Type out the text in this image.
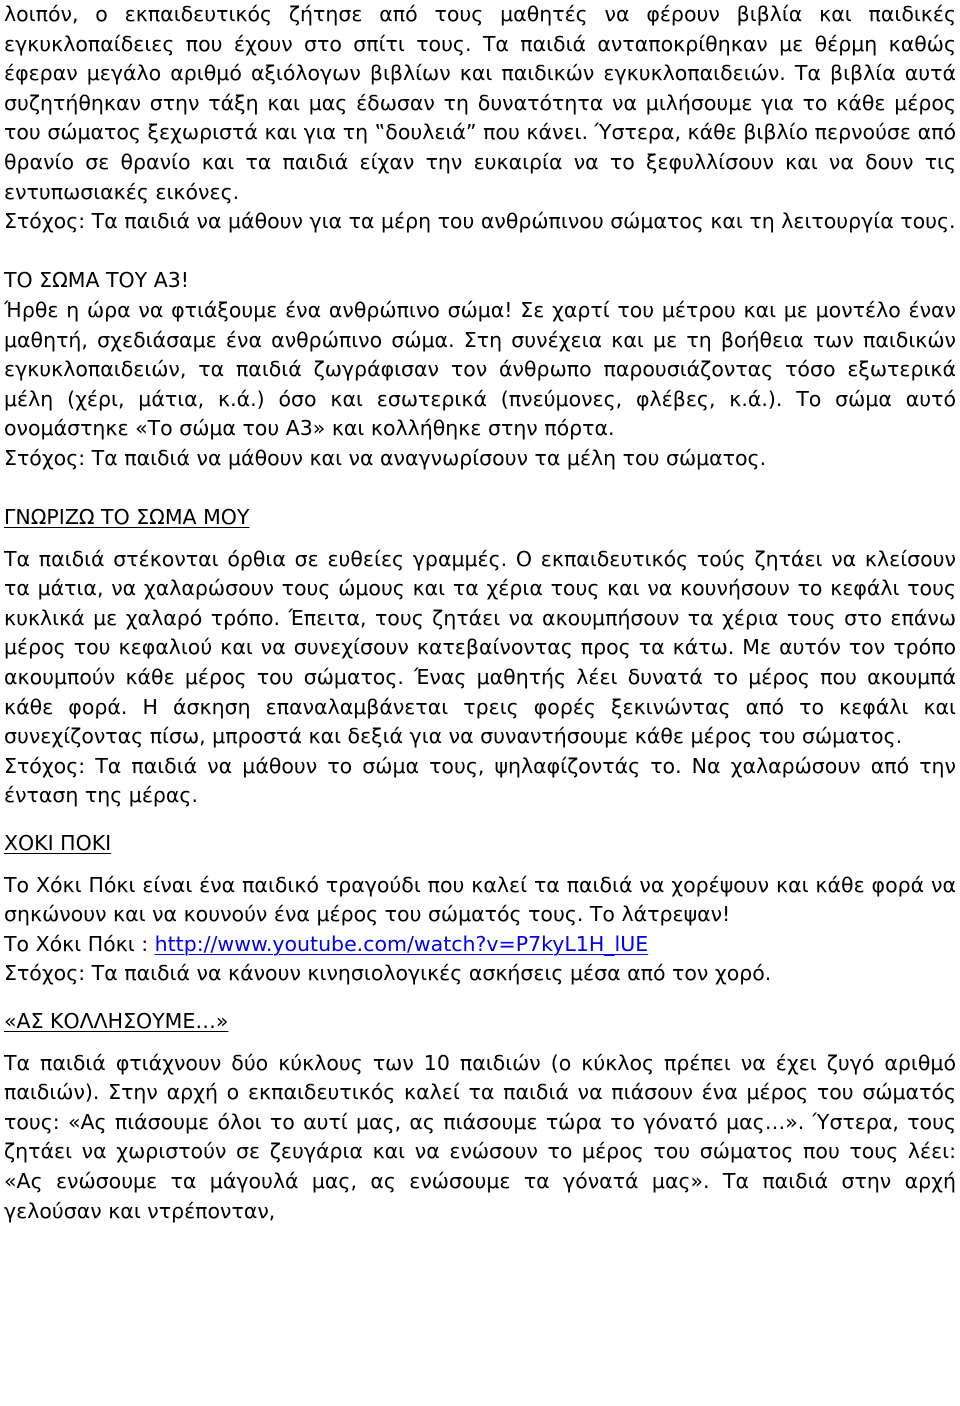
λοιπόν, ο εκπαιδευτικός ζήτησε από τους μαθητές να φέρουν βιβλία και παιδικές εγκυκλοπαίδειες που έχουν στο σπίτι τους. Τα παιδιά ανταποκρίθηκαν με θέρμη καθώς έφεραν μεγάλο αριθμό αξιόλογων βιβλίων και παιδικών εγκυκλοπαιδειών. Τα βιβλία αυτά συζητήθηκαν στην τάξη και μας έδωσαν τη δυνατότητα να μιλήσουμε για το κάθε μέρος του σώματος ξεχωριστά και για τη ‟δουλειά” που κάνει. Ύστερα, κάθε βιβλίο περνούσε από θρανίο σε θρανίο και τα παιδιά είχαν την ευκαιρία να το ξεφυλλίσουν και να δουν τις εντυπωσιακές εικόνες.

Στόχος: Τα παιδιά να μάθουν για τα μέρη του ανθρώπινου σώματος και τη λειτουργία τους.

ΤΟ ΣΩΜΑ ΤΟΥ Α3!

Ήρθε η ώρα να φτιάξουμε ένα ανθρώπινο σώμα! Σε χαρτί του μέτρου και με μοντέλο έναν μαθητή, σχεδιάσαμε ένα ανθρώπινο σώμα. Στη συνέχεια και με τη βοήθεια των παιδικών εγκυκλοπαιδειών, τα παιδιά ζωγράφισαν τον άνθρωπο παρουσιάζοντας τόσο εξωτερικά μέλη (χέρι, μάτια, κ.ά.) όσο και εσωτερικά (πνεύμονες, φλέβες, κ.ά.). Το σώμα αυτό ονομάστηκε «Το σώμα του Α3» και κολλήθηκε στην πόρτα.

Στόχος: Τα παιδιά να μάθουν και να αναγνωρίσουν τα μέλη του σώματος.

ΓΝΩΡΙΖΩ ΤΟ ΣΩΜΑ ΜΟΥ

Τα παιδιά στέκονται όρθια σε ευθείες γραμμές. Ο εκπαιδευτικός τούς ζητάει να κλείσουν τα μάτια, να χαλαρώσουν τους ώμους και τα χέρια τους και να κουνήσουν το κεφάλι τους κυκλικά με χαλαρό τρόπο. Έπειτα, τους ζητάει να ακουμπήσουν τα χέρια τους στο επάνω μέρος του κεφαλιού και να συνεχίσουν κατεβαίνοντας προς τα κάτω. Με αυτόν τον τρόπο ακουμπούν κάθε μέρος του σώματος. Ένας μαθητής λέει δυνατά το μέρος που ακουμπά κάθε φορά. Η άσκηση επαναλαμβάνεται τρεις φορές ξεκινώντας από το κεφάλι και συνεχίζοντας πίσω, μπροστά και δεξιά για να συναντήσουμε κάθε μέρος του σώματος.

Στόχος: Τα παιδιά να μάθουν το σώμα τους, ψηλαφίζοντάς το. Να χαλαρώσουν από την ένταση της μέρας.

ΧΟΚΙ ΠΟΚΙ

Το Χόκι Πόκι είναι ένα παιδικό τραγούδι που καλεί τα παιδιά να χορέψουν και κάθε φορά να σηκώνουν και να κουνούν ένα μέρος του σώματός τους. Το λάτρεψαν!

Το Χόκι Πόκι : http://www.youtube.com/watch?v=P7kyL1H_lUE

Στόχος: Τα παιδιά να κάνουν κινησιολογικές ασκήσεις μέσα από τον χορό.

«ΑΣ ΚΟΛΛΗΣΟΥΜΕ…»

Τα παιδιά φτιάχνουν δύο κύκλους των 10 παιδιών (ο κύκλος πρέπει να έχει ζυγό αριθμό παιδιών). Στην αρχή ο εκπαιδευτικός καλεί τα παιδιά να πιάσουν ένα μέρος του σώματός τους: «Ας πιάσουμε όλοι το αυτί μας, ας πιάσουμε τώρα το γόνατό μας…». Ύστερα, τους ζητάει να χωριστούν σε ζευγάρια και να ενώσουν το μέρος του σώματος που τους λέει: «Ας ενώσουμε τα μάγουλά μας, ας ενώσουμε τα γόνατά μας». Τα παιδιά στην αρχή γελούσαν και ντρέπονταν,
